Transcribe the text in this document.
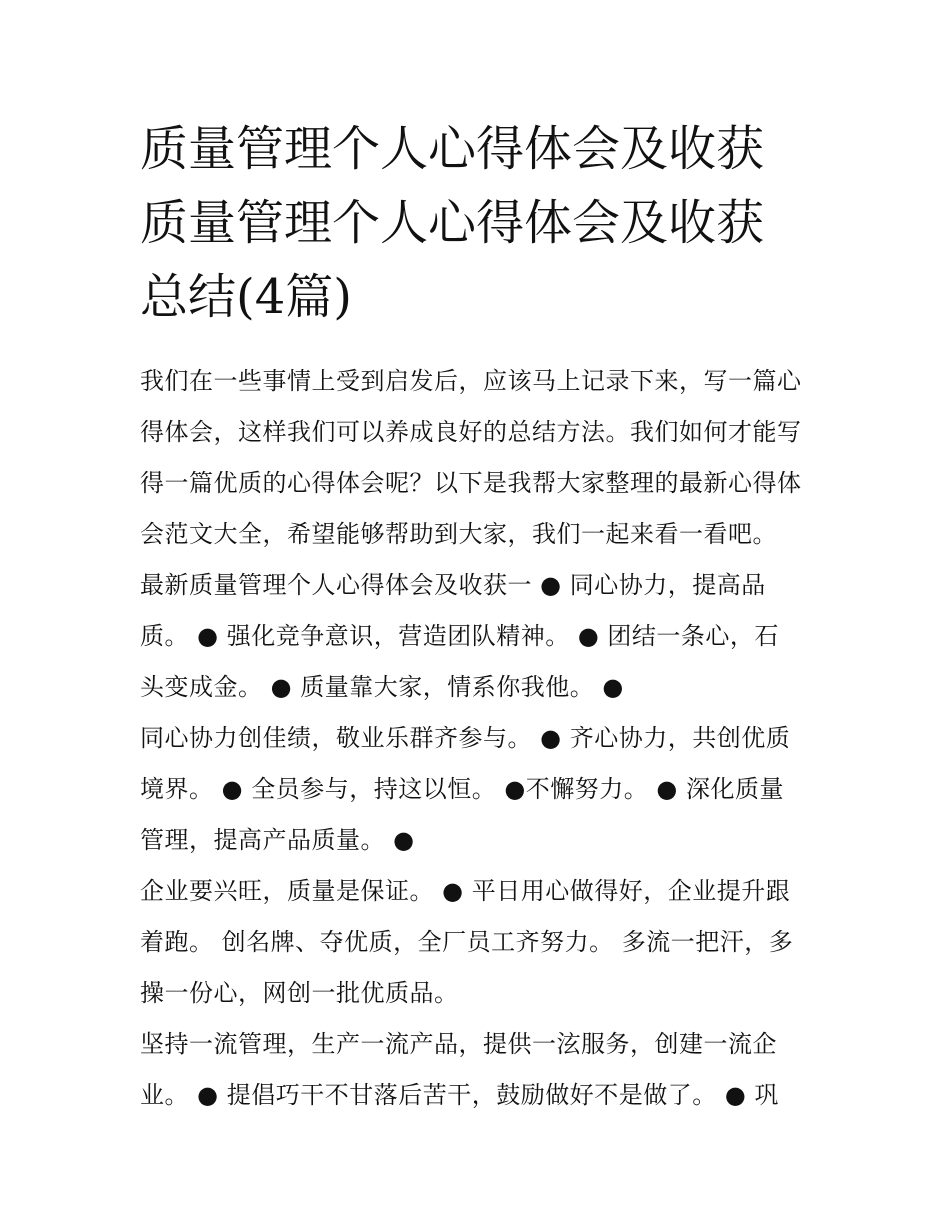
质量管理个人心得体会及收获
质量管理个人心得体会及收获
总结(4篇)

我们在一些事情上受到启发后，应该马上记录下来，写一篇心
得体会，这样我们可以养成良好的总结方法。我们如何才能写
得一篇优质的心得体会呢？以下是我帮大家整理的最新心得体
会范文大全，希望能够帮助到大家，我们一起来看一看吧。

最新质量管理个人心得体会及收获一 ● 同心协力，提高品
质。 ● 强化竞争意识，营造团队精神。 ● 团结一条心，石
头变成金。 ● 质量靠大家，情系你我他。 ●

同心协力创佳绩，敬业乐群齐参与。 ● 齐心协力，共创优质
境界。 ● 全员参与，持这以恒。 ●不懈努力。 ● 深化质量
管理，提高产品质量。 ●

企业要兴旺，质量是保证。 ● 平日用心做得好，企业提升跟
着跑。 创名牌、夺优质，全厂员工齐努力。 多流一把汗，多
操一份心，网创一批优质品。

坚持一流管理，生产一流产品，提供一泫服务，创建一流企
业。 ● 提倡巧干不甘落后苦干，鼓励做好不是做了。 ● 巩
